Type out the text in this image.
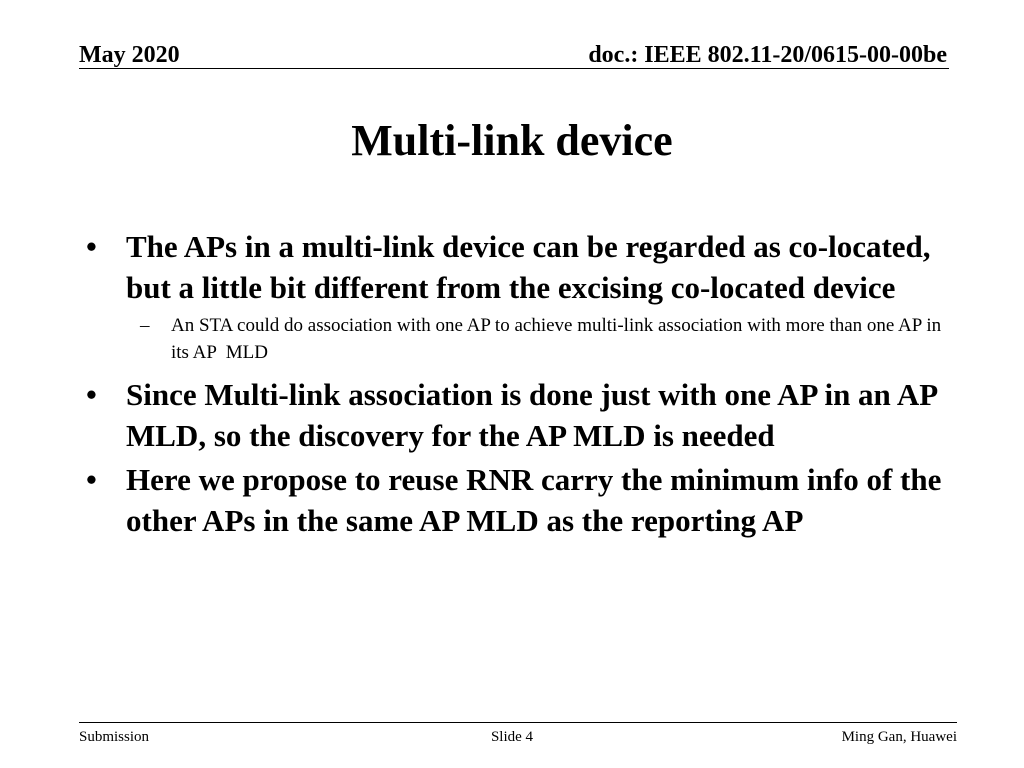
May 2020	doc.: IEEE 802.11-20/0615-00-00be
Multi-link device
• The APs in a multi-link device can be regarded as co-located, but a little bit different from the excising co-located device
– An STA could do association with one AP to achieve multi-link association with more than one AP in its AP  MLD
• Since Multi-link association is done just with one AP in an AP MLD, so the discovery for the AP MLD is needed
• Here we propose to reuse RNR carry the minimum info of the other APs in the same AP MLD as the reporting AP
Submission	Slide 4	Ming Gan, Huawei
